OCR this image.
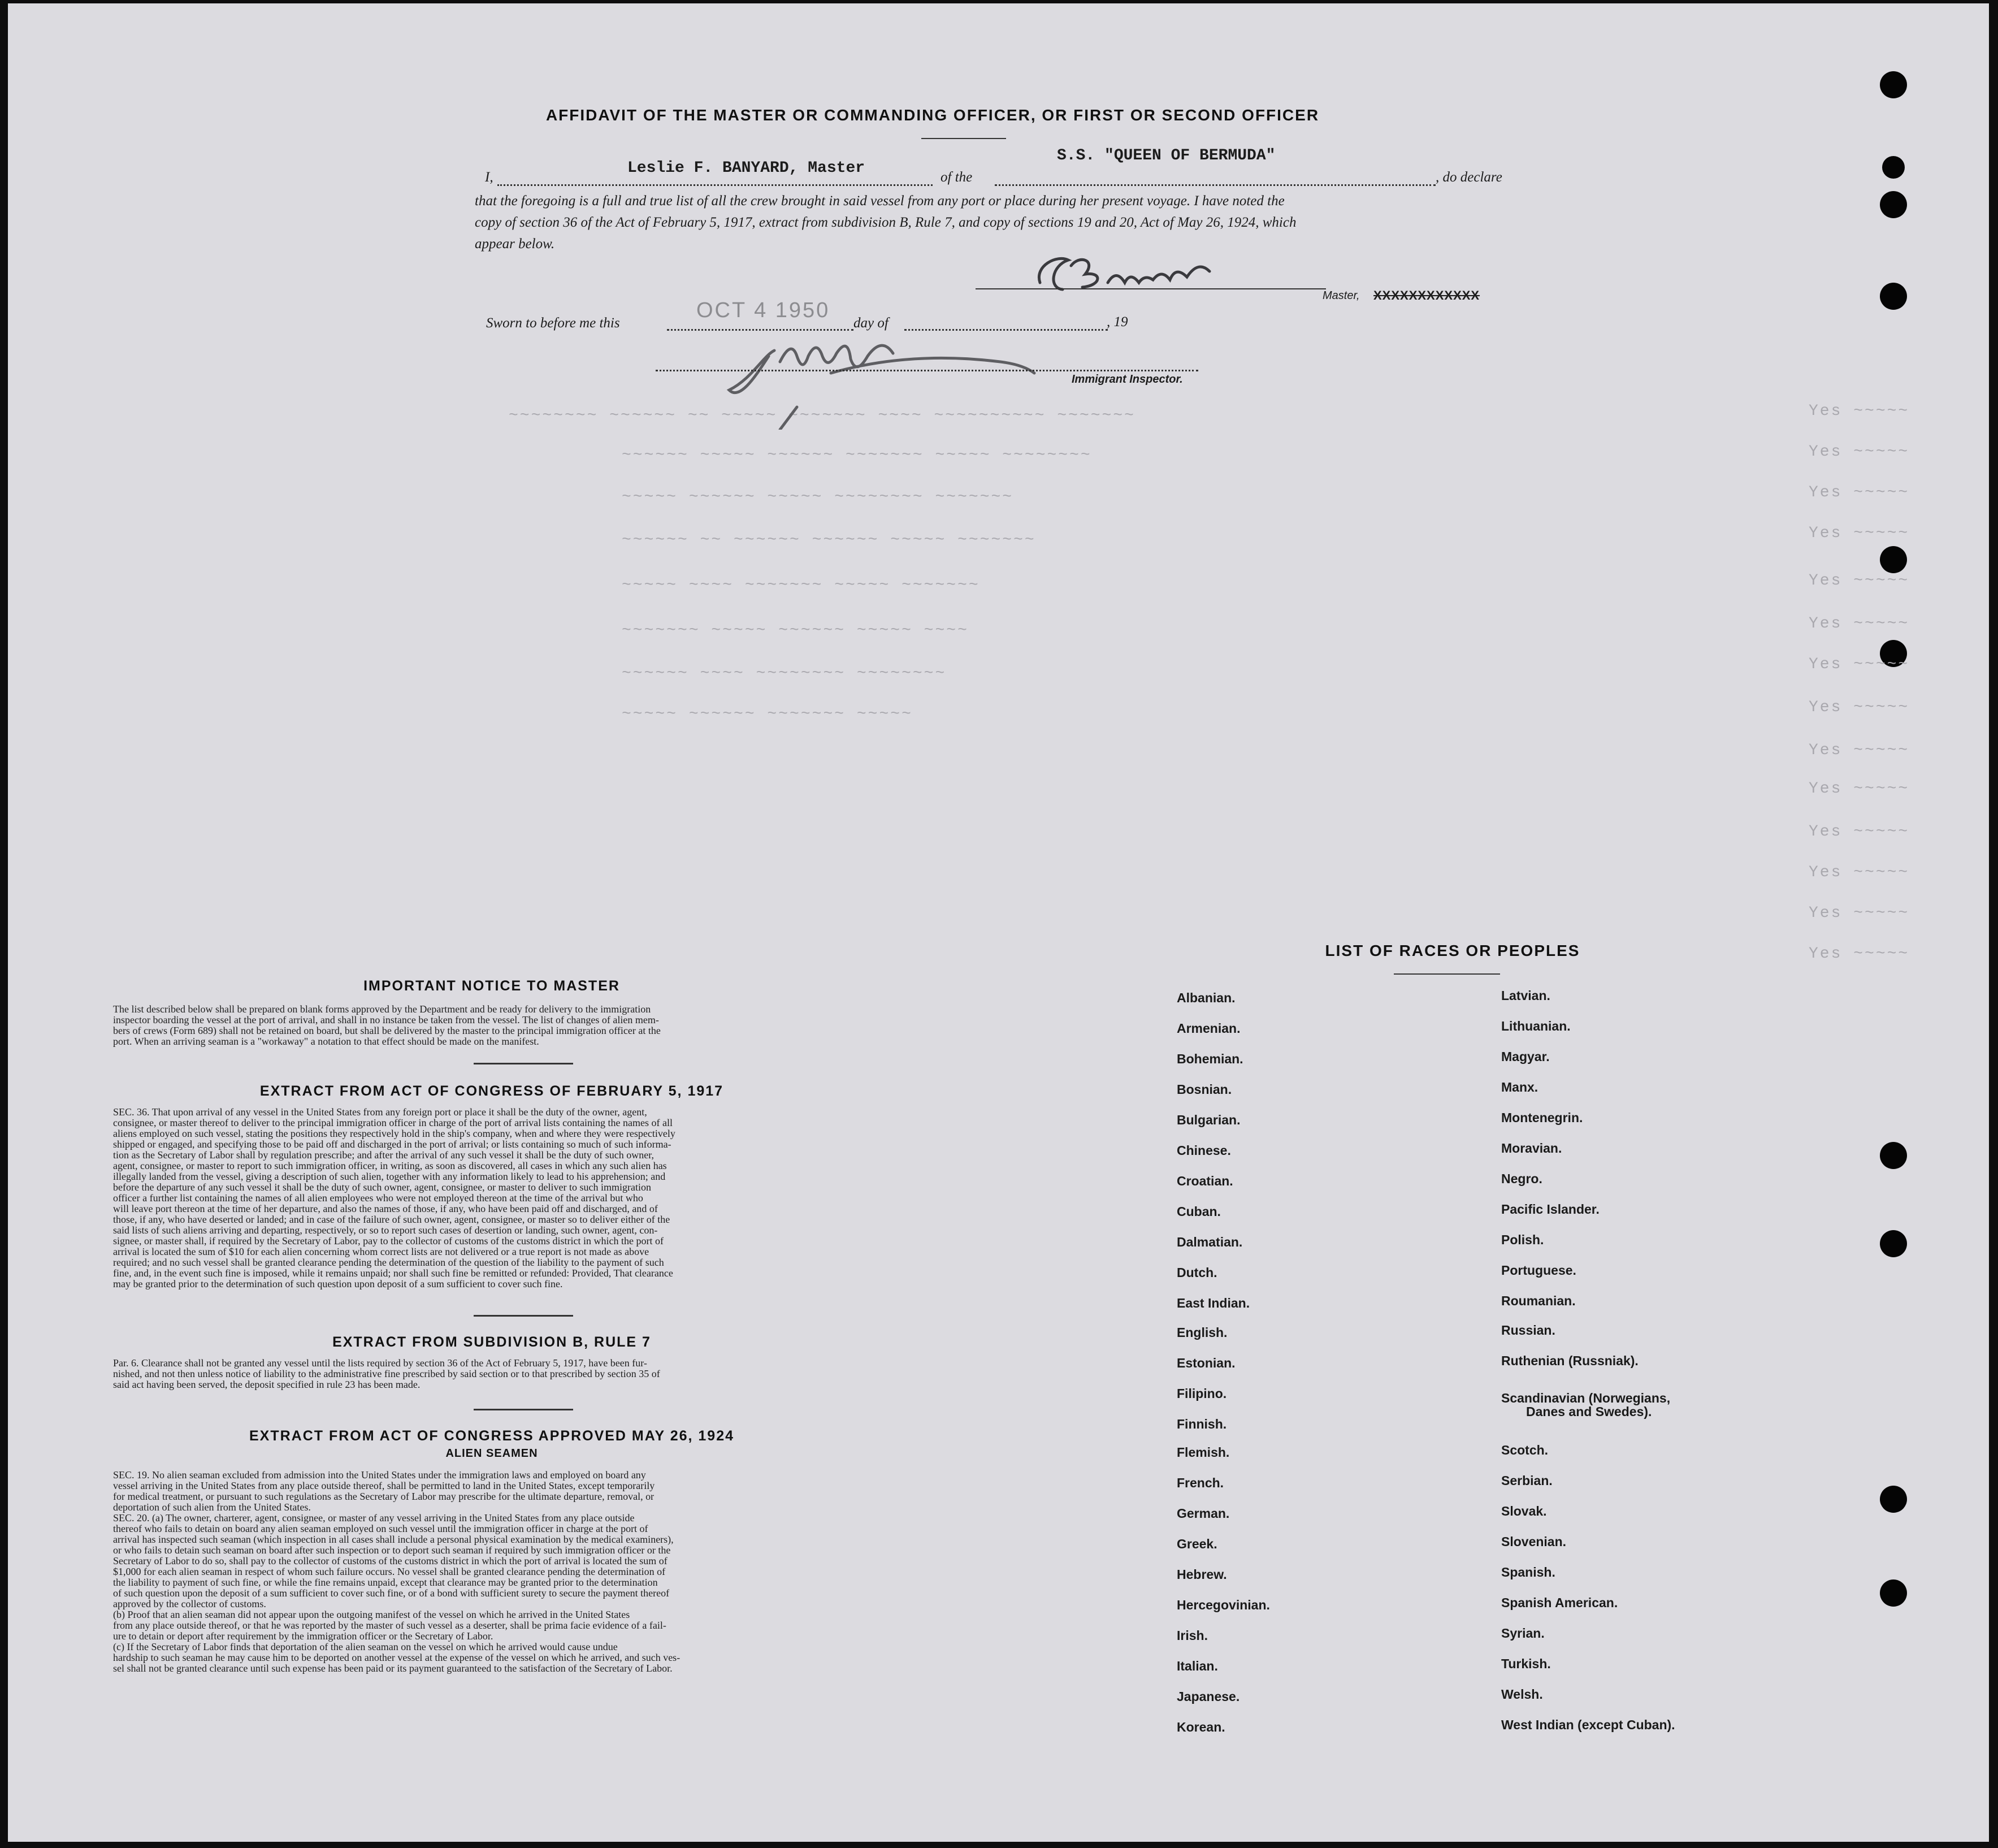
Yes ~~~~~
Yes ~~~~~
Yes ~~~~~
Yes ~~~~~
Yes ~~~~~
Yes ~~~~~
Yes ~~~~~
Yes ~~~~~
Yes ~~~~~
Yes ~~~~~
Yes ~~~~~
Yes ~~~~~
Yes ~~~~~
Yes ~~~~~
~~~~~~~~ ~~~~~~ ~~ ~~~~~ ~~~~~~~ ~~~~ ~~~~~~~~~~ ~~~~~~~
~~~~~~ ~~~~~ ~~~~~~ ~~~~~~~ ~~~~~ ~~~~~~~~
~~~~~ ~~~~~~ ~~~~~ ~~~~~~~~ ~~~~~~~
~~~~~~ ~~ ~~~~~~ ~~~~~~ ~~~~~ ~~~~~~~
~~~~~ ~~~~ ~~~~~~~ ~~~~~ ~~~~~~~
~~~~~~~ ~~~~~ ~~~~~~ ~~~~~ ~~~~
~~~~~~ ~~~~ ~~~~~~~~ ~~~~~~~~
~~~~~ ~~~~~~ ~~~~~~~ ~~~~~
AFFIDAVIT OF THE MASTER OR COMMANDING OFFICER, OR FIRST OR SECOND OFFICER
I,
Leslie F. BANYARD, Master
of the
S.S. "QUEEN OF BERMUDA"
, do declare
that the foregoing is a full and true list of all the crew brought in said vessel from any port or place during her present voyage. I have noted the
copy of section 36 of the Act of February 5, 1917, extract from subdivision B, Rule 7, and copy of sections 19 and 20, Act of May 26, 1924, which
appear below.
Master, XXXXXXXXXXXX
Sworn to before me this
OCT 4 1950
day of	, 19
Immigrant Inspector.
IMPORTANT NOTICE TO MASTER
The list described below shall be prepared on blank forms approved by the Department and be ready for delivery to the immigration
inspector boarding the vessel at the port of arrival, and shall in no instance be taken from the vessel. The list of changes of alien mem-
bers of crews (Form 689) shall not be retained on board, but shall be delivered by the master to the principal immigration officer at the
port. When an arriving seaman is a "workaway" a notation to that effect should be made on the manifest.
EXTRACT FROM ACT OF CONGRESS OF FEBRUARY 5, 1917
SEC. 36. That upon arrival of any vessel in the United States from any foreign port or place it shall be the duty of the owner, agent,
consignee, or master thereof to deliver to the principal immigration officer in charge of the port of arrival lists containing the names of all
aliens employed on such vessel, stating the positions they respectively hold in the ship's company, when and where they were respectively
shipped or engaged, and specifying those to be paid off and discharged in the port of arrival; or lists containing so much of such informa-
tion as the Secretary of Labor shall by regulation prescribe; and after the arrival of any such vessel it shall be the duty of such owner,
agent, consignee, or master to report to such immigration officer, in writing, as soon as discovered, all cases in which any such alien has
illegally landed from the vessel, giving a description of such alien, together with any information likely to lead to his apprehension; and
before the departure of any such vessel it shall be the duty of such owner, agent, consignee, or master to deliver to such immigration
officer a further list containing the names of all alien employees who were not employed thereon at the time of the arrival but who
will leave port thereon at the time of her departure, and also the names of those, if any, who have been paid off and discharged, and of
those, if any, who have deserted or landed; and in case of the failure of such owner, agent, consignee, or master so to deliver either of the
said lists of such aliens arriving and departing, respectively, or so to report such cases of desertion or landing, such owner, agent, con-
signee, or master shall, if required by the Secretary of Labor, pay to the collector of customs of the customs district in which the port of
arrival is located the sum of $10 for each alien concerning whom correct lists are not delivered or a true report is not made as above
required; and no such vessel shall be granted clearance pending the determination of the question of the liability to the payment of such
fine, and, in the event such fine is imposed, while it remains unpaid; nor shall such fine be remitted or refunded: Provided, That clearance
may be granted prior to the determination of such question upon deposit of a sum sufficient to cover such fine.
EXTRACT FROM SUBDIVISION B, RULE 7
Par. 6. Clearance shall not be granted any vessel until the lists required by section 36 of the Act of February 5, 1917, have been fur-
nished, and not then unless notice of liability to the administrative fine prescribed by said section or to that prescribed by section 35 of
said act having been served, the deposit specified in rule 23 has been made.
EXTRACT FROM ACT OF CONGRESS APPROVED MAY 26, 1924
ALIEN SEAMEN
SEC. 19. No alien seaman excluded from admission into the United States under the immigration laws and employed on board any
vessel arriving in the United States from any place outside thereof, shall be permitted to land in the United States, except temporarily
for medical treatment, or pursuant to such regulations as the Secretary of Labor may prescribe for the ultimate departure, removal, or
deportation of such alien from the United States.
SEC. 20. (a) The owner, charterer, agent, consignee, or master of any vessel arriving in the United States from any place outside
thereof who fails to detain on board any alien seaman employed on such vessel until the immigration officer in charge at the port of
arrival has inspected such seaman (which inspection in all cases shall include a personal physical examination by the medical examiners),
or who fails to detain such seaman on board after such inspection or to deport such seaman if required by such immigration officer or the
Secretary of Labor to do so, shall pay to the collector of customs of the customs district in which the port of arrival is located the sum of
$1,000 for each alien seaman in respect of whom such failure occurs. No vessel shall be granted clearance pending the determination of
the liability to payment of such fine, or while the fine remains unpaid, except that clearance may be granted prior to the determination
of such question upon the deposit of a sum sufficient to cover such fine, or of a bond with sufficient surety to secure the payment thereof
approved by the collector of customs.
(b) Proof that an alien seaman did not appear upon the outgoing manifest of the vessel on which he arrived in the United States
from any place outside thereof, or that he was reported by the master of such vessel as a deserter, shall be prima facie evidence of a fail-
ure to detain or deport after requirement by the immigration officer or the Secretary of Labor.
(c) If the Secretary of Labor finds that deportation of the alien seaman on the vessel on which he arrived would cause undue
hardship to such seaman he may cause him to be deported on another vessel at the expense of the vessel on which he arrived, and such ves-
sel shall not be granted clearance until such expense has been paid or its payment guaranteed to the satisfaction of the Secretary of Labor.
LIST OF RACES OR PEOPLES
Albanian.
Armenian.
Bohemian.
Bosnian.
Bulgarian.
Chinese.
Croatian.
Cuban.
Dalmatian.
Dutch.
East Indian.
English.
Estonian.
Filipino.
Finnish.
Flemish.
French.
German.
Greek.
Hebrew.
Hercegovinian.
Irish.
Italian.
Japanese.
Korean.
Latvian.
Lithuanian.
Magyar.
Manx.
Montenegrin.
Moravian.
Negro.
Pacific Islander.
Polish.
Portuguese.
Roumanian.
Russian.
Ruthenian (Russniak).
Scandinavian (Norwegians,
Danes and Swedes).
Scotch.
Serbian.
Slovak.
Slovenian.
Spanish.
Spanish American.
Syrian.
Turkish.
Welsh.
West Indian (except Cuban).
